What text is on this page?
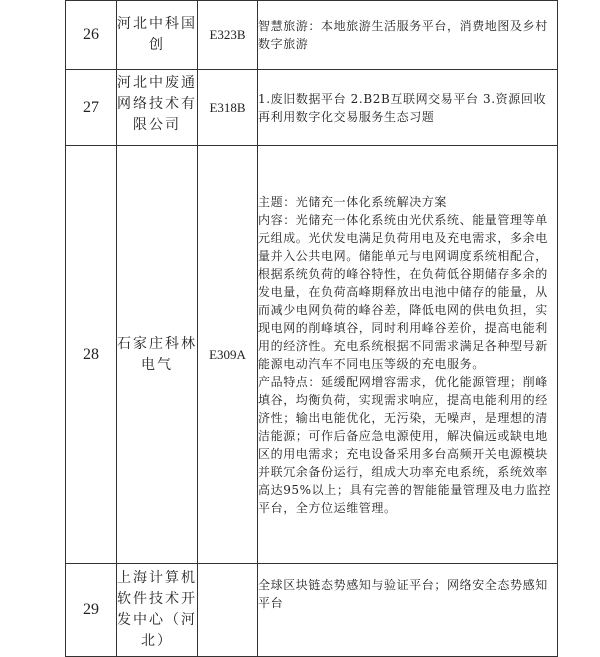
26	河北中科国创	E323B	智慧旅游：本地旅游生活服务平台，消费地图及乡村数字旅游
27	河北中废通网络技术有限公司	E318B	1.废旧数据平台 2.B2B互联网交易平台 3.资源回收再利用数字化交易服务生态习题
28	石家庄科林电气	E309A	主题：光储充一体化系统解决方案

内容：光储充一体化系统由光伏系统、能量管理等单元组成。光伏发电满足负荷用电及充电需求，多余电量并入公共电网。储能单元与电网调度系统相配合，根据系统负荷的峰谷特性，在负荷低谷期储存多余的发电量，在负荷高峰期释放出电池中储存的能量，从而减少电网负荷的峰谷差，降低电网的供电负担，实现电网的削峰填谷，同时利用峰谷差价，提高电能利用的经济性。充电系统根据不同需求满足各种型号新能源电动汽车不同电压等级的充电服务。

产品特点：延缓配网增容需求，优化能源管理；削峰填谷，均衡负荷，实现需求响应，提高电能利用的经济性；输出电能优化，无污染，无噪声，是理想的清洁能源；可作后备应急电源使用，解决偏远或缺电地区的用电需求；充电设备采用多台高频开关电源模块并联冗余备份运行，组成大功率充电系统，系统效率高达95%以上；具有完善的智能能量管理及电力监控平台，全方位运维管理。

29	上海计算机软件技术开发中心（河北）		全球区块链态势感知与验证平台；网络安全态势感知平台
